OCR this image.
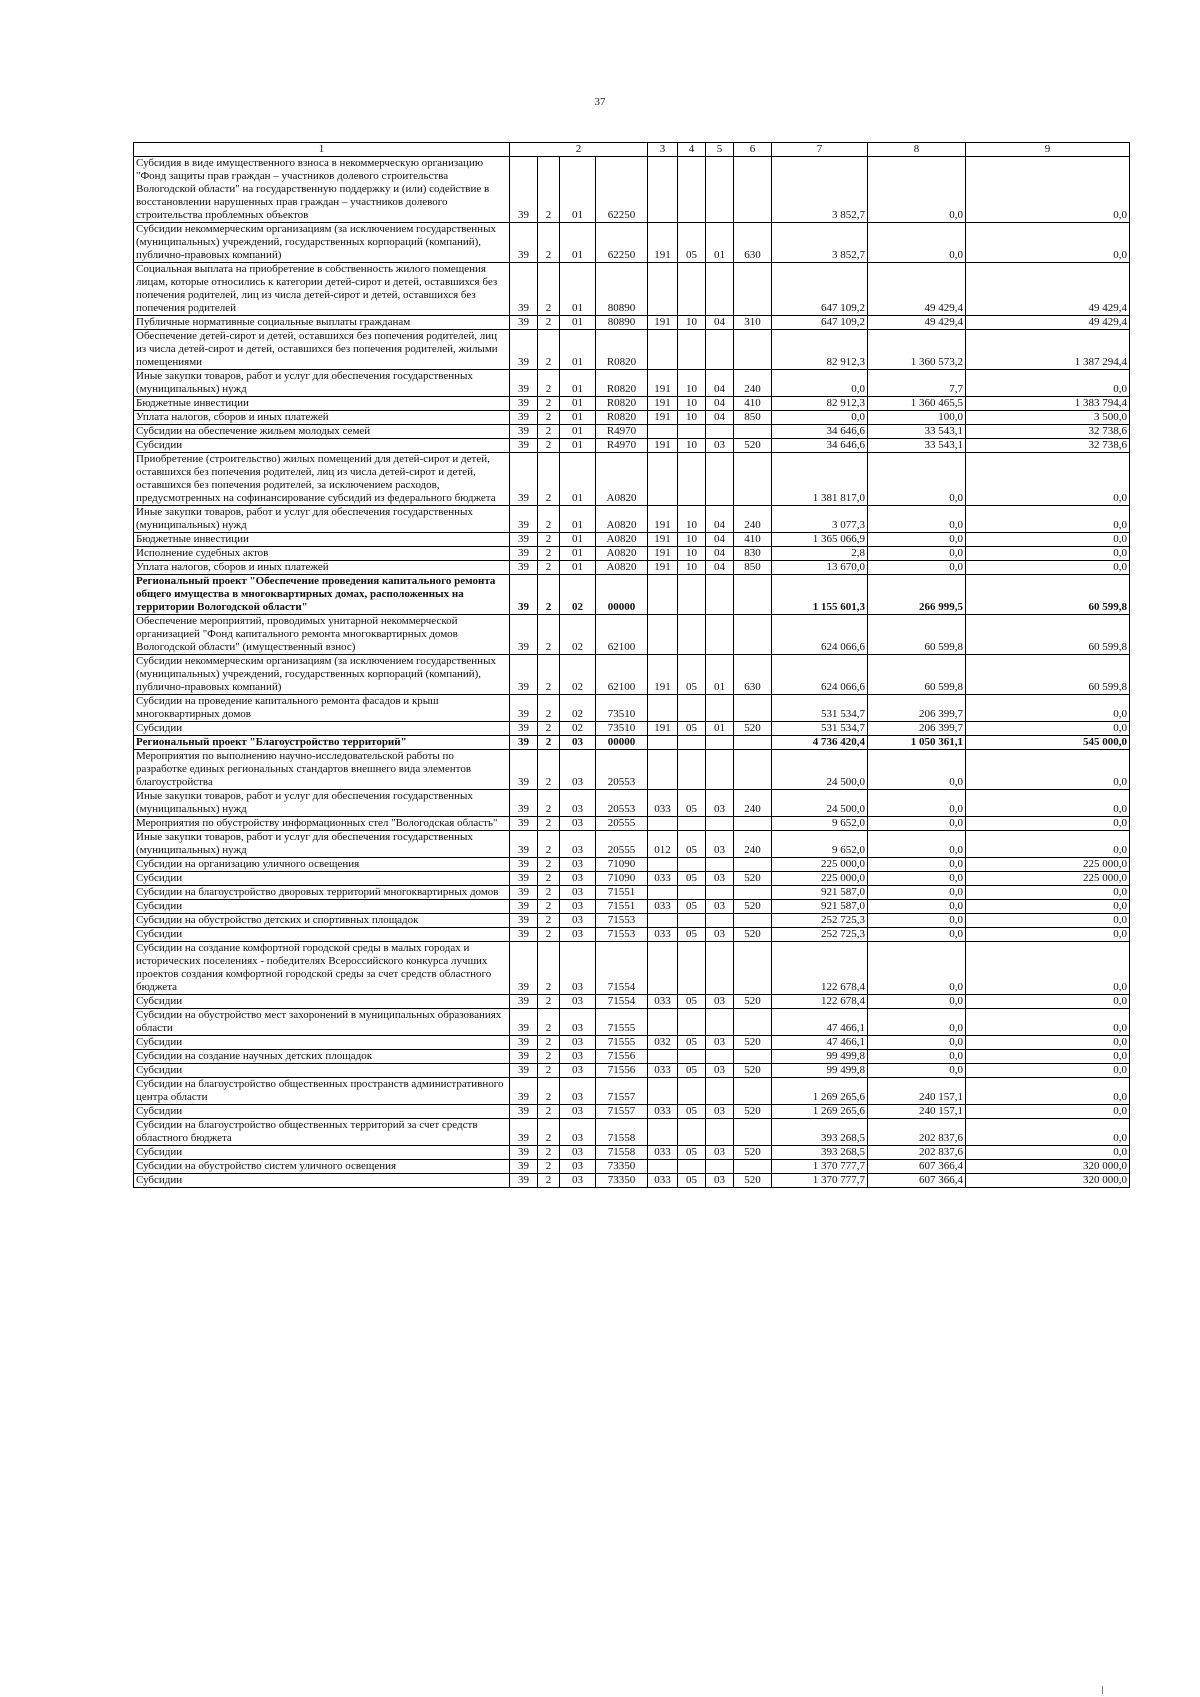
37
1	2				3	4	5	6	7	8	9
Субсидия в виде имущественного взноса в некоммерческую организацию "Фонд защиты прав граждан – участников долевого строительства Вологодской области" на государственную поддержку и (или) содействие в восстановлении нарушенных прав граждан – участников долевого строительства проблемных объектов	39	2	01	62250					3 852,7	0,0	0,0
Субсидии некоммерческим организациям (за исключением государственных (муниципальных) учреждений, государственных корпораций (компаний), публично-правовых компаний)	39	2	01	62250	191	05	01	630	3 852,7	0,0	0,0
Социальная выплата на приобретение в собственность жилого помещения лицам, которые относились к категории детей-сирот и детей, оставшихся без попечения родителей, лиц из числа детей-сирот и детей, оставшихся без попечения родителей	39	2	01	80890					647 109,2	49 429,4	49 429,4
Публичные нормативные социальные выплаты гражданам	39	2	01	80890	191	10	04	310	647 109,2	49 429,4	49 429,4
Обеспечение детей-сирот и детей, оставшихся без попечения родителей, лиц из числа детей-сирот и детей, оставшихся без попечения родителей, жилыми помещениями	39	2	01	R0820					82 912,3	1 360 573,2	1 387 294,4
Иные закупки товаров, работ и услуг для обеспечения государственных (муниципальных) нужд	39	2	01	R0820	191	10	04	240	0,0	7,7	0,0
Бюджетные инвестиции	39	2	01	R0820	191	10	04	410	82 912,3	1 360 465,5	1 383 794,4
Уплата налогов, сборов и иных платежей	39	2	01	R0820	191	10	04	850	0,0	100,0	3 500,0
Субсидии на обеспечение жильем молодых семей	39	2	01	R4970					34 646,6	33 543,1	32 738,6
Субсидии	39	2	01	R4970	191	10	03	520	34 646,6	33 543,1	32 738,6
Приобретение (строительство) жилых помещений для детей-сирот и детей, оставшихся без попечения родителей, лиц из числа детей-сирот и детей, оставшихся без попечения родителей, за исключением расходов, предусмотренных на софинансирование субсидий из федерального бюджета	39	2	01	A0820					1 381 817,0	0,0	0,0
Иные закупки товаров, работ и услуг для обеспечения государственных (муниципальных) нужд	39	2	01	A0820	191	10	04	240	3 077,3	0,0	0,0
Бюджетные инвестиции	39	2	01	A0820	191	10	04	410	1 365 066,9	0,0	0,0
Исполнение судебных актов	39	2	01	A0820	191	10	04	830	2,8	0,0	0,0
Уплата налогов, сборов и иных платежей	39	2	01	A0820	191	10	04	850	13 670,0	0,0	0,0
Региональный проект "Обеспечение проведения капитального ремонта общего имущества в многоквартирных домах, расположенных на территории Вологодской области"	39	2	02	00000					1 155 601,3	266 999,5	60 599,8
Обеспечение мероприятий, проводимых унитарной некоммерческой организацией "Фонд капитального ремонта многоквартирных домов Вологодской области" (имущественный взнос)	39	2	02	62100					624 066,6	60 599,8	60 599,8
Субсидии некоммерческим организациям (за исключением государственных (муниципальных) учреждений, государственных корпораций (компаний), публично-правовых компаний)	39	2	02	62100	191	05	01	630	624 066,6	60 599,8	60 599,8
Субсидии на проведение капитального ремонта фасадов и крыш многоквартирных домов	39	2	02	73510					531 534,7	206 399,7	0,0
Субсидии	39	2	02	73510	191	05	01	520	531 534,7	206 399,7	0,0
Региональный проект "Благоустройство территорий"	39	2	03	00000					4 736 420,4	1 050 361,1	545 000,0
Мероприятия по выполнению научно-исследовательской работы по разработке единых региональных стандартов внешнего вида элементов благоустройства	39	2	03	20553					24 500,0	0,0	0,0
Иные закупки товаров, работ и услуг для обеспечения государственных (муниципальных) нужд	39	2	03	20553	033	05	03	240	24 500,0	0,0	0,0
Мероприятия по обустройству информационных стел "Вологодская область"	39	2	03	20555					9 652,0	0,0	0,0
Иные закупки товаров, работ и услуг для обеспечения государственных (муниципальных) нужд	39	2	03	20555	012	05	03	240	9 652,0	0,0	0,0
Субсидии на организацию уличного освещения	39	2	03	71090					225 000,0	0,0	225 000,0
Субсидии	39	2	03	71090	033	05	03	520	225 000,0	0,0	225 000,0
Субсидии на благоустройство дворовых территорий многоквартирных домов	39	2	03	71551					921 587,0	0,0	0,0
Субсидии	39	2	03	71551	033	05	03	520	921 587,0	0,0	0,0
Субсидии на обустройство детских и спортивных площадок	39	2	03	71553					252 725,3	0,0	0,0
Субсидии	39	2	03	71553	033	05	03	520	252 725,3	0,0	0,0
Субсидии на создание комфортной городской среды в малых городах и исторических поселениях - победителях Всероссийского конкурса лучших проектов создания комфортной городской среды за счет средств областного бюджета	39	2	03	71554					122 678,4	0,0	0,0
Субсидии	39	2	03	71554	033	05	03	520	122 678,4	0,0	0,0
Субсидии на обустройство мест захоронений в муниципальных образованиях области	39	2	03	71555					47 466,1	0,0	0,0
Субсидии	39	2	03	71555	032	05	03	520	47 466,1	0,0	0,0
Субсидии на создание научных детских площадок	39	2	03	71556					99 499,8	0,0	0,0
Субсидии	39	2	03	71556	033	05	03	520	99 499,8	0,0	0,0
Субсидии на благоустройство общественных пространств административного центра области	39	2	03	71557					1 269 265,6	240 157,1	0,0
Субсидии	39	2	03	71557	033	05	03	520	1 269 265,6	240 157,1	0,0
Субсидии на благоустройство общественных территорий за счет средств областного бюджета	39	2	03	71558					393 268,5	202 837,6	0,0
Субсидии	39	2	03	71558	033	05	03	520	393 268,5	202 837,6	0,0
Субсидии на обустройство систем уличного освещения	39	2	03	73350					1 370 777,7	607 366,4	320 000,0
Субсидии	39	2	03	73350	033	05	03	520	1 370 777,7	607 366,4	320 000,0
